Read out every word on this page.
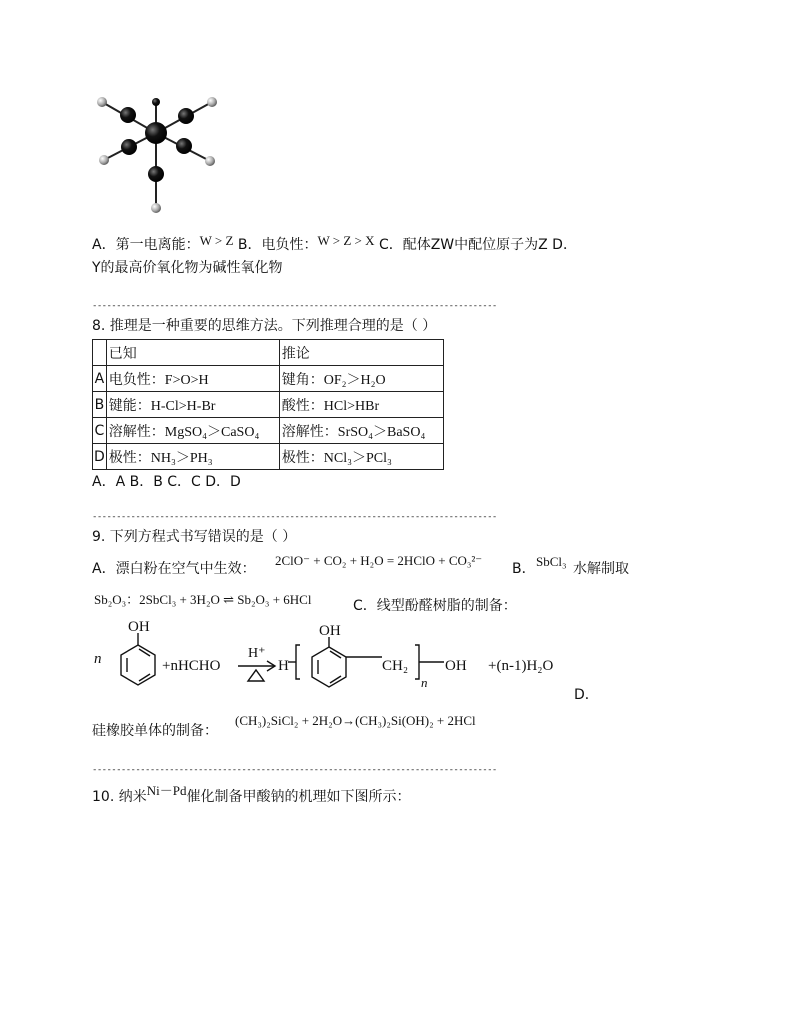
A．第一电离能：W > Z B．电负性：W > Z > X C．配体ZW中配位原子为Z D．
Y的最高价氧化物为碱性氧化物
------------------------------------------------------------------------------------
8. 推理是一种重要的思维方法。下列推理合理的是（ ）
	已知	推论
A	电负性：F>O>H	键角：OF₂＞H₂O
B	键能：H-Cl>H-Br	酸性：HCl>HBr
C	溶解性：MgSO₄＞CaSO₄	溶解性：SrSO₄＞BaSO₄
D	极性：NH₃＞PH₃	极性：NCl₃＞PCl₃
A．A B．B C．C D．D
------------------------------------------------------------------------------------
9. 下列方程式书写错误的是（ ）
A．漂白粉在空气中生效：
2ClO⁻ + CO₂ + H₂O = 2HClO + CO₃²⁻
B． SbCl₃ 水解制取
Sb₂O₃：2SbCl₃ + 3H₂O ⇌ Sb₂O₃ + 6HCl	C．线型酚醛树脂的制备：
n
OH
+nHCHO
H⁺
H
OH
CH₂
n
OH +(n-1)H₂O
D．
硅橡胶单体的制备：
(CH₃)₂SiCl₂ + 2H₂O→(CH₃)₂Si(OH)₂ + 2HCl
------------------------------------------------------------------------------------
10. 纳米Ni－Pd催化制备甲酸钠的机理如下图所示：
